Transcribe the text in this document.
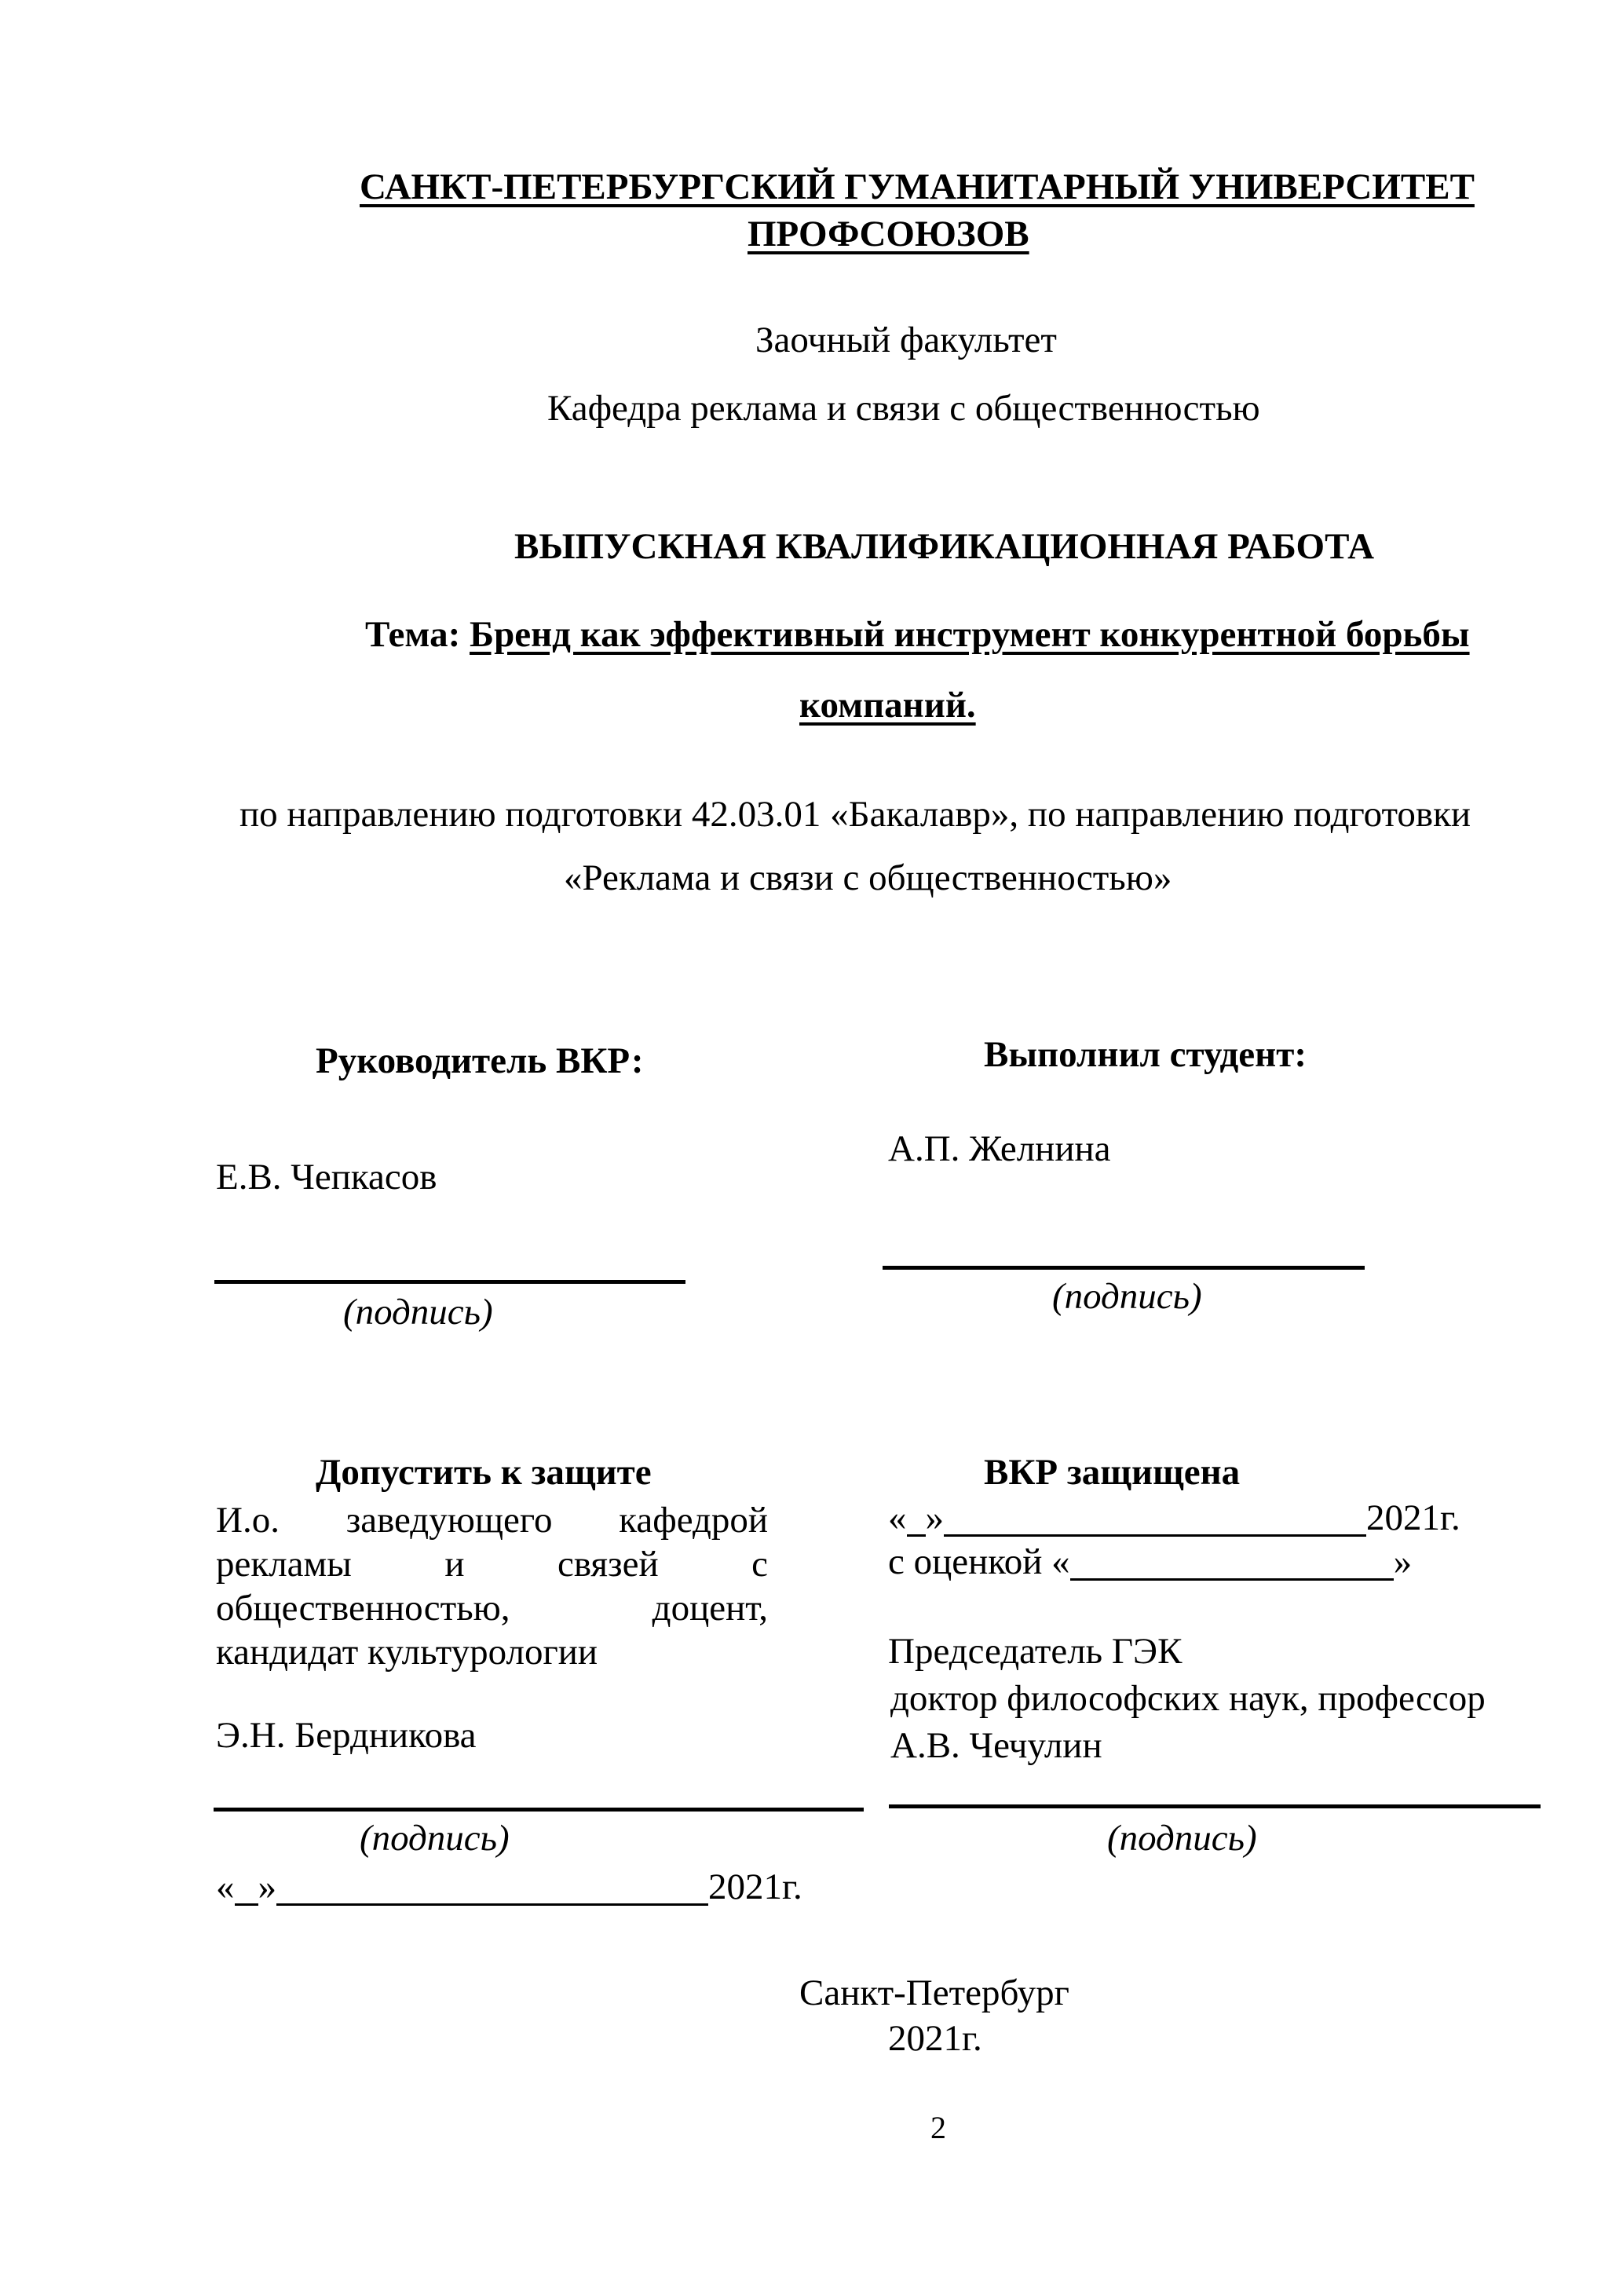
САНКТ-ПЕТЕРБУРГСКИЙ ГУМАНИТАРНЫЙ УНИВЕРСИТЕТ
ПРОФСОЮЗОВ
Заочный факультет
Кафедра реклама и связи с общественностью
ВЫПУСКНАЯ КВАЛИФИКАЦИОННАЯ РАБОТА
Тема: Бренд как эффективный инструмент конкурентной борьбы
компаний.
по направлению подготовки 42.03.01 «Бакалавр», по направлению подготовки
«Реклама и связи с общественностью»
Руководитель ВКР:
Е.В. Чепкасов
(подпись)
Выполнил студент:
А.П. Желнина
(подпись)
Допустить к защите
И.о. заведующего кафедрой
рекламы	и	связей	с
общественностью,	доцент,
кандидат культурологии
Э.Н. Бердникова
(подпись)
« »	2021г.
ВКР защищена
« »	2021г.
с оценкой «	»
Председатель ГЭК
доктор философских наук, профессор
А.В. Чечулин
(подпись)
Санкт-Петербург
2021г.
2
